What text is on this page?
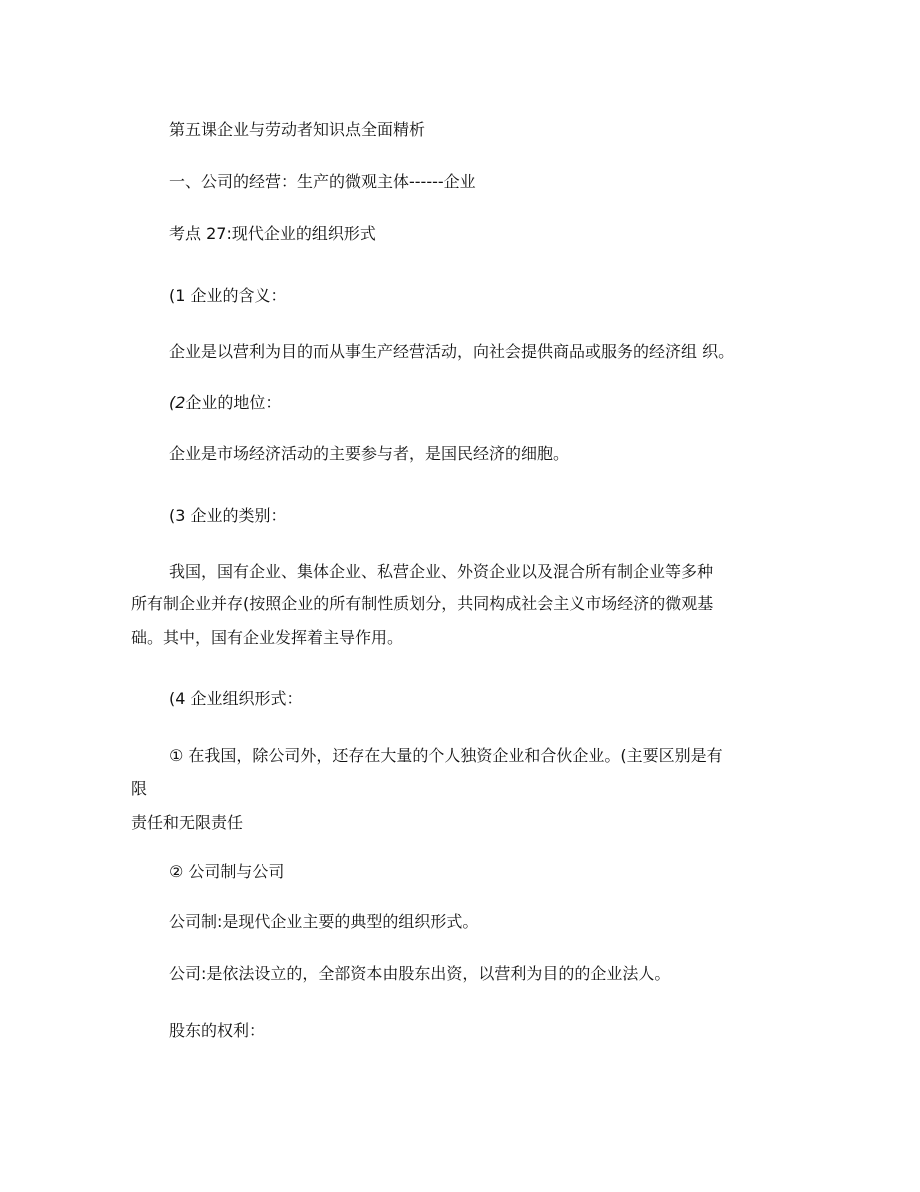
第五课企业与劳动者知识点全面精析
一、公司的经营：生产的微观主体------企业
考点 27:现代企业的组织形式
(1 企业的含义：
企业是以营利为目的而从事生产经营活动，向社会提供商品或服务的经济组 织。
(2企业的地位：
企业是市场经济活动的主要参与者，是国民经济的细胞。
(3 企业的类别：
我国，国有企业、集体企业、私营企业、外资企业以及混合所有制企业等多种
所有制企业并存(按照企业的所有制性质划分，共同构成社会主义市场经济的微观基
础。其中，国有企业发挥着主导作用。
(4 企业组织形式：
① 在我国，除公司外，还存在大量的个人独资企业和合伙企业。(主要区别是有
限
责任和无限责任
② 公司制与公司
公司制:是现代企业主要的典型的组织形式。
公司:是依法设立的，全部资本由股东出资，以营利为目的的企业法人。
股东的权利：
